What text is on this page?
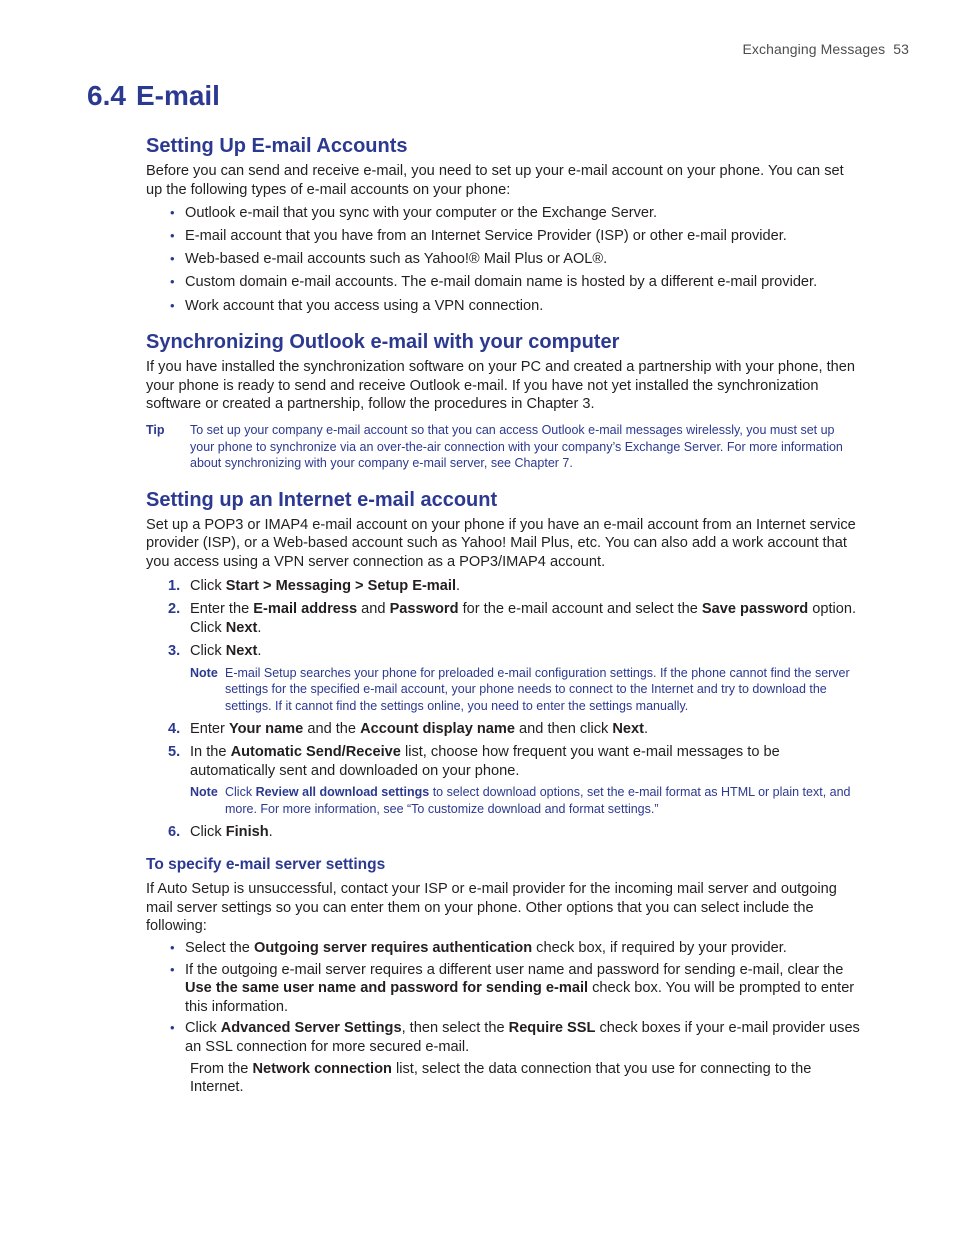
Exchanging Messages 53
6.4 E-mail
Setting Up E-mail Accounts

Before you can send and receive e-mail, you need to set up your e-mail account on your phone. You can set up the following types of e-mail accounts on your phone:

• Outlook e-mail that you sync with your computer or the Exchange Server.
• E-mail account that you have from an Internet Service Provider (ISP) or other e-mail provider.
• Web-based e-mail accounts such as Yahoo!® Mail Plus or AOL®.
• Custom domain e-mail accounts. The e-mail domain name is hosted by a different e-mail provider.
• Work account that you access using a VPN connection.
Synchronizing Outlook e-mail with your computer

If you have installed the synchronization software on your PC and created a partnership with your phone, then your phone is ready to send and receive Outlook e-mail. If you have not yet installed the synchronization software or created a partnership, follow the procedures in Chapter 3.

Tip To set up your company e-mail account so that you can access Outlook e-mail messages wirelessly, you must set up your phone to synchronize via an over-the-air connection with your company’s Exchange Server. For more information about synchronizing with your company e-mail server, see Chapter 7.
Setting up an Internet e-mail account

Set up a POP3 or IMAP4 e-mail account on your phone if you have an e-mail account from an Internet service provider (ISP), or a Web-based account such as Yahoo! Mail Plus, etc. You can also add a work account that you access using a VPN server connection as a POP3/IMAP4 account.

1. Click Start > Messaging > Setup E-mail.
2. Enter the E-mail address and Password for the e-mail account and select the Save password option. Click Next.
3. Click Next.
Note E-mail Setup searches your phone for preloaded e-mail configuration settings. If the phone cannot find the server settings for the specified e-mail account, your phone needs to connect to the Internet and try to download the settings. If it cannot find the settings online, you need to enter the settings manually.
4. Enter Your name and the Account display name and then click Next.
5. In the Automatic Send/Receive list, choose how frequent you want e-mail messages to be automatically sent and downloaded on your phone.
Note Click Review all download settings to select download options, set the e-mail format as HTML or plain text, and more. For more information, see “To customize download and format settings.”
6. Click Finish.
To specify e-mail server settings

If Auto Setup is unsuccessful, contact your ISP or e-mail provider for the incoming mail server and outgoing mail server settings so you can enter them on your phone. Other options that you can select include the following:

• Select the Outgoing server requires authentication check box, if required by your provider.
• If the outgoing e-mail server requires a different user name and password for sending e-mail, clear the Use the same user name and password for sending e-mail check box. You will be prompted to enter this information.
• Click Advanced Server Settings, then select the Require SSL check boxes if your e-mail provider uses an SSL connection for more secured e-mail.

From the Network connection list, select the data connection that you use for connecting to the Internet.
